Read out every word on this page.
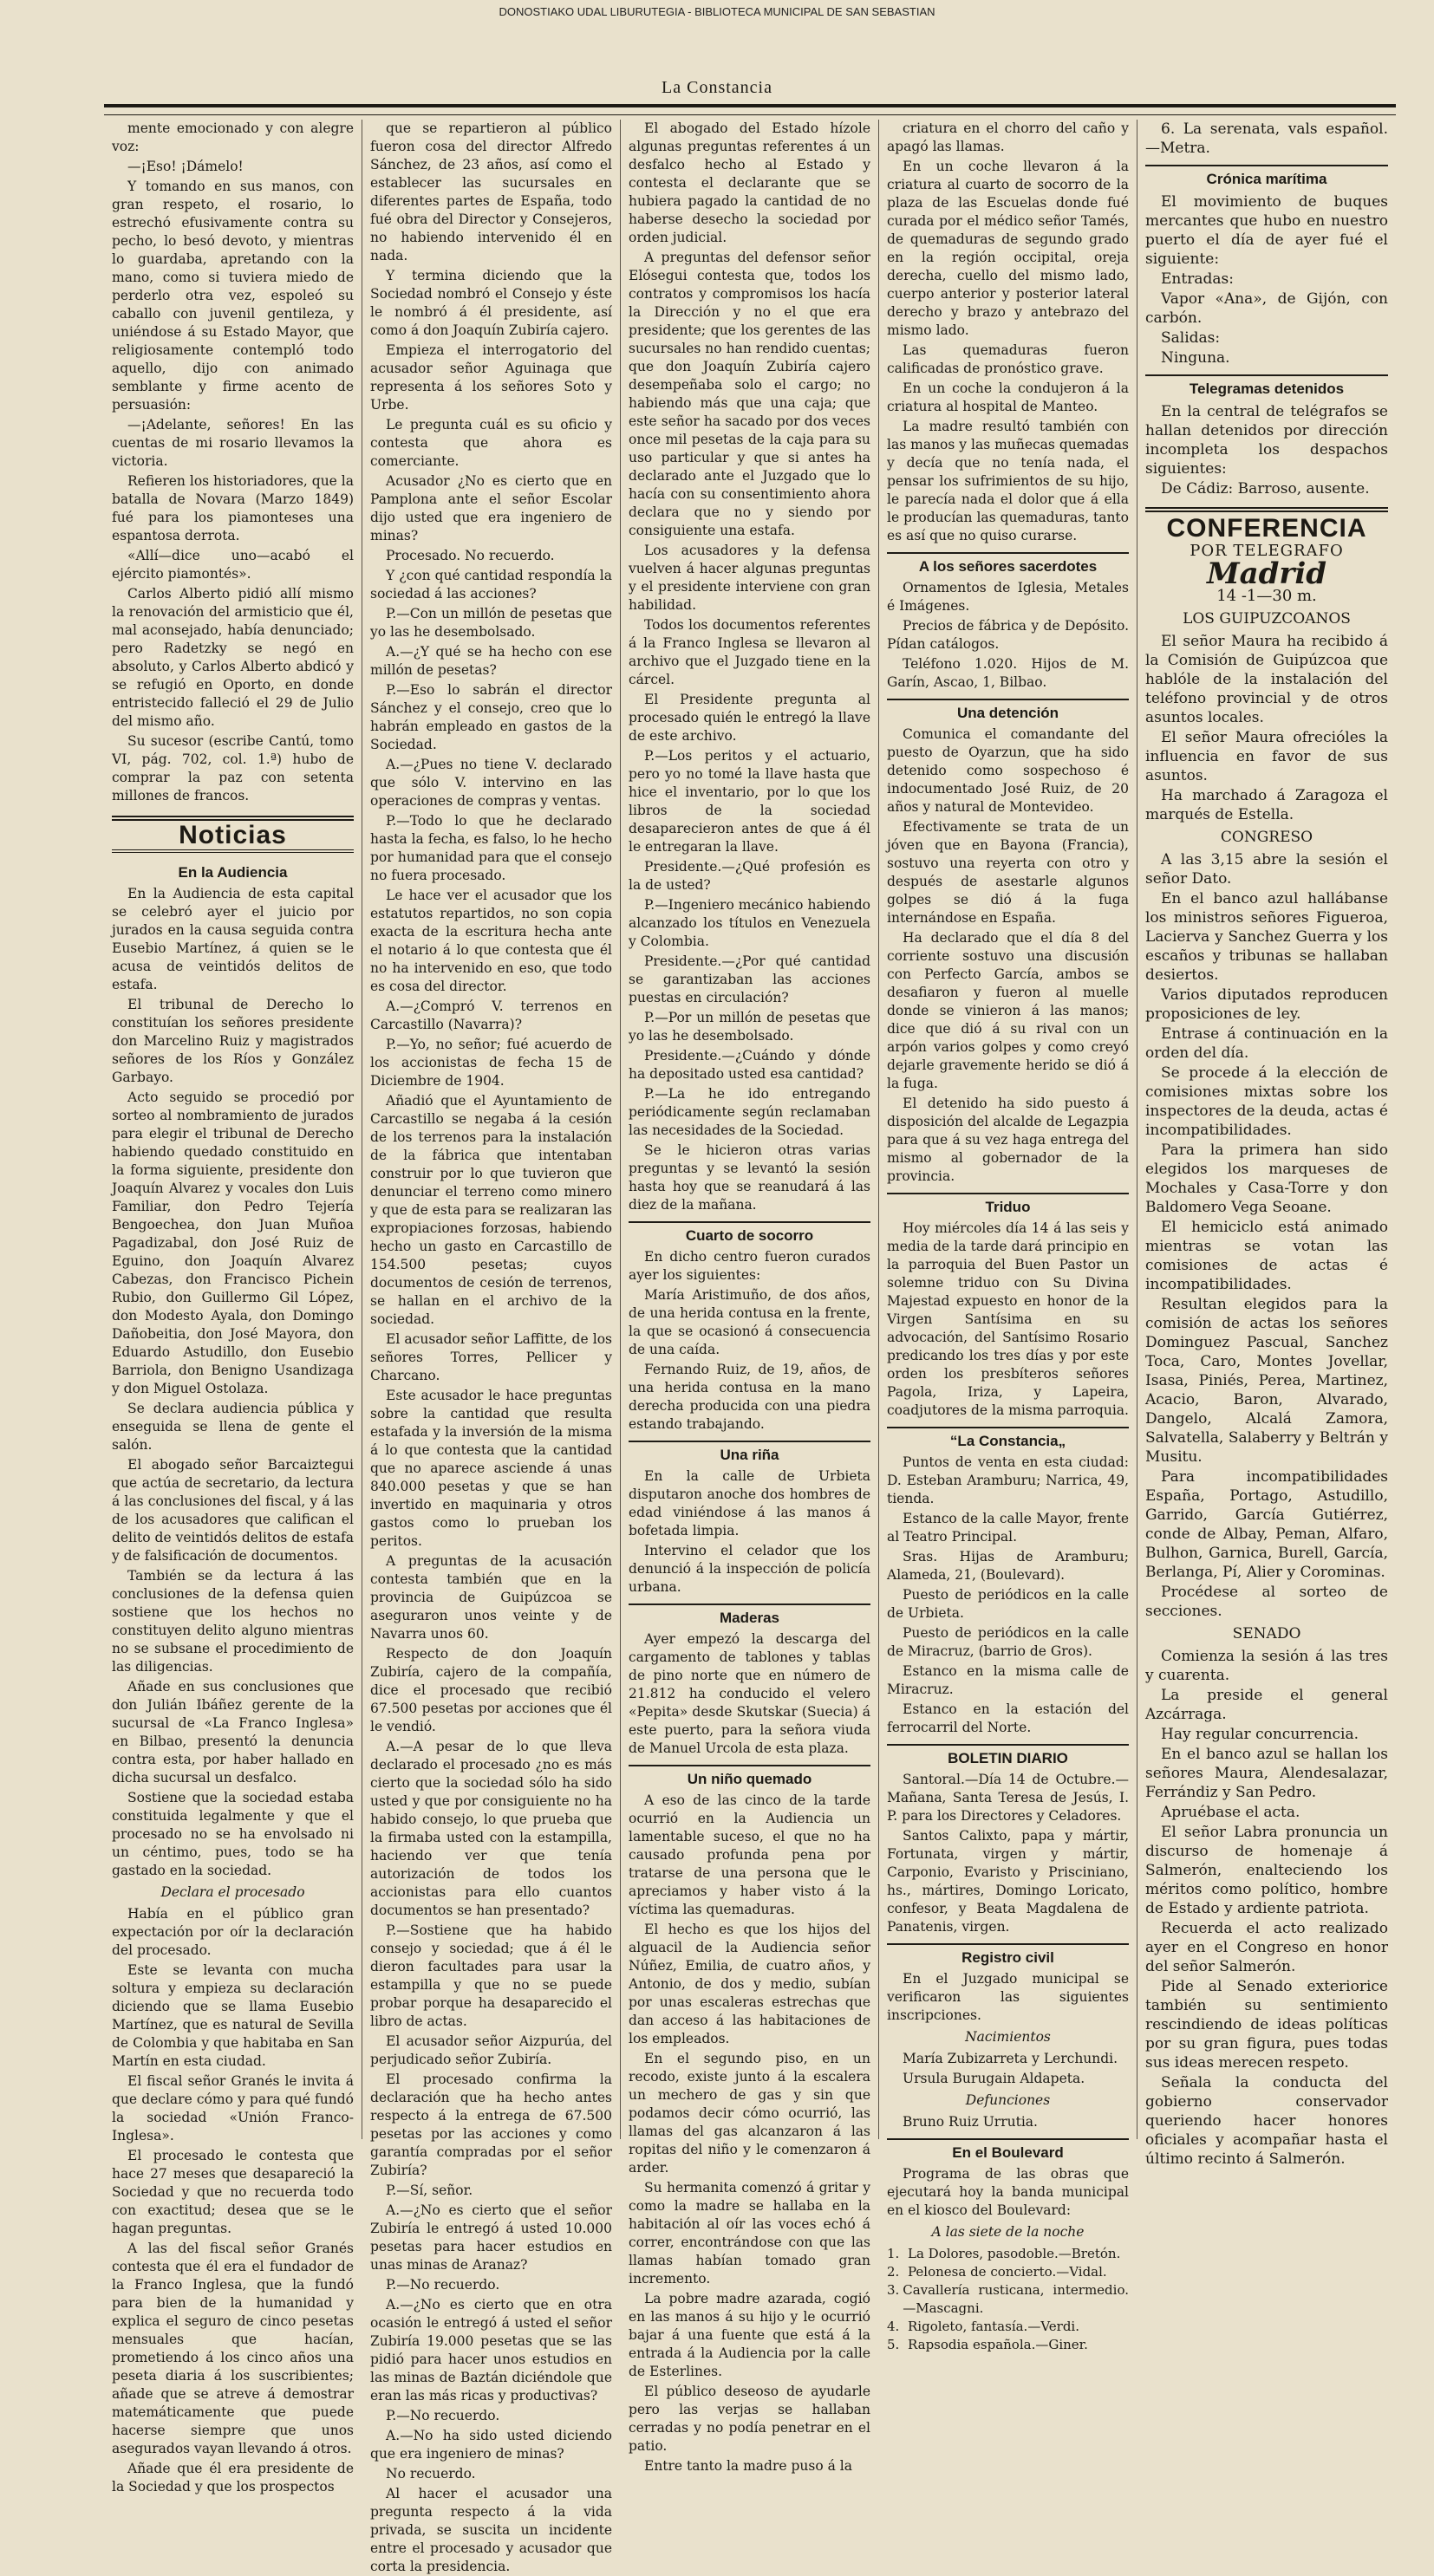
DONOSTIAKO UDAL LIBURUTEGIA - BIBLIOTECA MUNICIPAL DE SAN SEBASTIAN
La Constancia

mente emocionado y con alegre voz:

—¡Eso! ¡Dámelo!

Y tomando en sus manos, con gran respeto, el rosario, lo estrechó efusivamente contra su pecho, lo besó devoto, y mientras lo guardaba, apretando con la mano, como si tuviera miedo de perderlo otra vez, espoleó su caballo con juvenil gentileza, y uniéndose á su Estado Mayor, que religiosamente contempló todo aquello, dijo con animado semblante y firme acento de persuasión:

—¡Adelante, señores! En las cuentas de mi rosario llevamos la victoria.

Refieren los historiadores, que la batalla de Novara (Marzo 1849) fué para los piamonteses una espantosa derrota.

«Allí—dice uno—acabó el ejército piamontés».

Carlos Alberto pidió allí mismo la renovación del armisticio que él, mal aconsejado, había denunciado; pero Radetzky se negó en absoluto, y Carlos Alberto abdicó y se refugió en Oporto, en donde entristecido falleció el 29 de Julio del mismo año.

Su sucesor (escribe Cantú, tomo VI, pág. 702, col. 1.ª) hubo de comprar la paz con setenta millones de francos.

Noticias
En la Audiencia

En la Audiencia de esta capital se celebró ayer el juicio por jurados en la causa seguida contra Eusebio Martínez, á quien se le acusa de veintidós delitos de estafa.

El tribunal de Derecho lo constituían los señores presidente don Marcelino Ruiz y magistrados señores de los Ríos y González Garbayo.

Acto seguido se procedió por sorteo al nombramiento de jurados para elegir el tribunal de Derecho habiendo quedado constituido en la forma siguiente, presidente don Joaquín Alvarez y vocales don Luis Familiar, don Pedro Tejería Bengoechea, don Juan Muñoa Pagadizabal, don José Ruiz de Eguino, don Joaquín Alvarez Cabezas, don Francisco Pichein Rubio, don Guillermo Gil López, don Modesto Ayala, don Domingo Dañobeitia, don José Mayora, don Eduardo Astudillo, don Eusebio Barriola, don Benigno Usandizaga y don Miguel Ostolaza.

Se declara audiencia pública y enseguida se llena de gente el salón.

El abogado señor Barcaiztegui que actúa de secretario, da lectura á las conclusiones del fiscal, y á las de los acusadores que califican el delito de veintidós delitos de estafa y de falsificación de documentos.

También se da lectura á las conclusiones de la defensa quien sostiene que los hechos no constituyen delito alguno mientras no se subsane el procedimiento de las diligencias.

Añade en sus conclusiones que don Julián Ibáñez gerente de la sucursal de «La Franco Inglesa» en Bilbao, presentó la denuncia contra esta, por haber hallado en dicha sucursal un desfalco.

Sostiene que la sociedad estaba constituida legalmente y que el procesado no se ha envolsado ni un céntimo, pues, todo se ha gastado en la sociedad.

Declara el procesado

Había en el público gran expectación por oír la declaración del procesado.

Este se levanta con mucha soltura y empieza su declaración diciendo que se llama Eusebio Martínez, que es natural de Sevilla de Colombia y que habitaba en San Martín en esta ciudad.

El fiscal señor Granés le invita á que declare cómo y para qué fundó la sociedad «Unión Franco-Inglesa».

El procesado le contesta que hace 27 meses que desapareció la Sociedad y que no recuerda todo con exactitud; desea que se le hagan preguntas.

A las del fiscal señor Granés contesta que él era el fundador de la Franco Inglesa, que la fundó para bien de la humanidad y explica el seguro de cinco pesetas mensuales que hacían, prometiendo á los cinco años una peseta diaria á los suscribientes; añade que se atreve á demostrar matemáticamente que puede hacerse siempre que unos asegurados vayan llevando á otros.

Añade que él era presidente de la Sociedad y que los prospectos

que se repartieron al público fueron cosa del director Alfredo Sánchez, de 23 años, así como el establecer las sucursales en diferentes partes de España, todo fué obra del Director y Consejeros, no habiendo intervenido él en nada.

Y termina diciendo que la Sociedad nombró el Consejo y éste le nombró á él presidente, así como á don Joaquín Zubiría cajero.

Empieza el interrogatorio del acusador señor Aguinaga que representa á los señores Soto y Urbe.

Le pregunta cuál es su oficio y contesta que ahora es comerciante.

Acusador ¿No es cierto que en Pamplona ante el señor Escolar dijo usted que era ingeniero de minas?

Procesado. No recuerdo.

Y ¿con qué cantidad respondía la sociedad á las acciones?

P.—Con un millón de pesetas que yo las he desembolsado.

A.—¿Y qué se ha hecho con ese millón de pesetas?

P.—Eso lo sabrán el director Sánchez y el consejo, creo que lo habrán empleado en gastos de la Sociedad.

A.—¿Pues no tiene V. declarado que sólo V. intervino en las operaciones de compras y ventas.

P.—Todo lo que he declarado hasta la fecha, es falso, lo he hecho por humanidad para que el consejo no fuera procesado.

Le hace ver el acusador que los estatutos repartidos, no son copia exacta de la escritura hecha ante el notario á lo que contesta que él no ha intervenido en eso, que todo es cosa del director.

A.—¿Compró V. terrenos en Carcastillo (Navarra)?

P.—Yo, no señor; fué acuerdo de los accionistas de fecha 15 de Diciembre de 1904.

Añadió que el Ayuntamiento de Carcastillo se negaba á la cesión de los terrenos para la instalación de la fábrica que intentaban construir por lo que tuvieron que denunciar el terreno como minero y que de esta para se realizaran las expropiaciones forzosas, habiendo hecho un gasto en Carcastillo de 154.500 pesetas; cuyos documentos de cesión de terrenos, se hallan en el archivo de la sociedad.

El acusador señor Laffitte, de los señores Torres, Pellicer y Charcano.

Este acusador le hace preguntas sobre la cantidad que resulta estafada y la inversión de la misma á lo que contesta que la cantidad que no aparece asciende á unas 840.000 pesetas y que se han invertido en maquinaria y otros gastos como lo prueban los peritos.

A preguntas de la acusación contesta también que en la provincia de Guipúzcoa se aseguraron unos veinte y de Navarra unos 60.

Respecto de don Joaquín Zubiría, cajero de la compañía, dice el procesado que recibió 67.500 pesetas por acciones que él le vendió.

A.—A pesar de lo que lleva declarado el procesado ¿no es más cierto que la sociedad sólo ha sido usted y que por consiguiente no ha habido consejo, lo que prueba que la firmaba usted con la estampilla, haciendo ver que tenía autorización de todos los accionistas para ello cuantos documentos se han presentado?

P.—Sostiene que ha habido consejo y sociedad; que á él le dieron facultades para usar la estampilla y que no se puede probar porque ha desaparecido el libro de actas.

El acusador señor Aizpurúa, del perjudicado señor Zubiría.

El procesado confirma la declaración que ha hecho antes respecto á la entrega de 67.500 pesetas por las acciones y como garantía compradas por el señor Zubiría?

P.—Sí, señor.

A.—¿No es cierto que el señor Zubiría le entregó á usted 10.000 pesetas para hacer estudios en unas minas de Aranaz?

P.—No recuerdo.

A.—¿No es cierto que en otra ocasión le entregó á usted el señor Zubiría 19.000 pesetas que se las pidió para hacer unos estudios en las minas de Baztán diciéndole que eran las más ricas y productivas?

P.—No recuerdo.

A.—No ha sido usted diciendo que era ingeniero de minas?

No recuerdo.

Al hacer el acusador una pregunta respecto á la vida privada, se suscita un incidente entre el procesado y acusador que corta la presidencia.

El abogado del Estado hízole algunas preguntas referentes á un desfalco hecho al Estado y contesta el declarante que se hubiera pagado la cantidad de no haberse desecho la sociedad por orden judicial.

A preguntas del defensor señor Elósegui contesta que, todos los contratos y compromisos los hacía la Dirección y no el que era presidente; que los gerentes de las sucursales no han rendido cuentas; que don Joaquín Zubiría cajero desempeñaba solo el cargo; no habiendo más que una caja; que este señor ha sacado por dos veces once mil pesetas de la caja para su uso particular y que si antes ha declarado ante el Juzgado que lo hacía con su consentimiento ahora declara que no y siendo por consiguiente una estafa.

Los acusadores y la defensa vuelven á hacer algunas preguntas y el presidente interviene con gran habilidad.

Todos los documentos referentes á la Franco Inglesa se llevaron al archivo que el Juzgado tiene en la cárcel.

El Presidente pregunta al procesado quién le entregó la llave de este archivo.

P.—Los peritos y el actuario, pero yo no tomé la llave hasta que hice el inventario, por lo que los libros de la sociedad desaparecieron antes de que á él le entregaran la llave.

Presidente.—¿Qué profesión es la de usted?

P.—Ingeniero mecánico habiendo alcanzado los títulos en Venezuela y Colombia.

Presidente.—¿Por qué cantidad se garantizaban las acciones puestas en circulación?

P.—Por un millón de pesetas que yo las he desembolsado.

Presidente.—¿Cuándo y dónde ha depositado usted esa cantidad?

P.—La he ido entregando periódicamente según reclamaban las necesidades de la Sociedad.

Se le hicieron otras varias preguntas y se levantó la sesión hasta hoy que se reanudará á las diez de la mañana.

Cuarto de socorro

En dicho centro fueron curados ayer los siguientes:

María Aristimuño, de dos años, de una herida contusa en la frente, la que se ocasionó á consecuencia de una caída.

Fernando Ruiz, de 19, años, de una herida contusa en la mano derecha producida con una piedra estando trabajando.

Una riña

En la calle de Urbieta disputaron anoche dos hombres de edad viniéndose á las manos á bofetada limpia.

Intervino el celador que los denunció á la inspección de policía urbana.

Maderas

Ayer empezó la descarga del cargamento de tablones y tablas de pino norte que en número de 21.812 ha conducido el velero «Pepita» desde Skutskar (Suecia) á este puerto, para la señora viuda de Manuel Urcola de esta plaza.

Un niño quemado

A eso de las cinco de la tarde ocurrió en la Audiencia un lamentable suceso, el que no ha causado profunda pena por tratarse de una persona que le apreciamos y haber visto á la víctima las quemaduras.

El hecho es que los hijos del alguacil de la Audiencia señor Núñez, Emilia, de cuatro años, y Antonio, de dos y medio, subían por unas escaleras estrechas que dan acceso á las habitaciones de los empleados.

En el segundo piso, en un recodo, existe junto á la escalera un mechero de gas y sin que podamos decir cómo ocurrió, las llamas del gas alcanzaron á las ropitas del niño y le comenzaron á arder.

Su hermanita comenzó á gritar y como la madre se hallaba en la habitación al oír las voces echó á correr, encontrándose con que las llamas habían tomado gran incremento.

La pobre madre azarada, cogió en las manos á su hijo y le ocurrió bajar á una fuente que está á la entrada á la Audiencia por la calle de Esterlines.

El público deseoso de ayudarle pero las verjas se hallaban cerradas y no podía penetrar en el patio.

Entre tanto la madre puso á la

criatura en el chorro del caño y apagó las llamas.

En un coche llevaron á la criatura al cuarto de socorro de la plaza de las Escuelas donde fué curada por el médico señor Tamés, de quemaduras de segundo grado en la región occipital, oreja derecha, cuello del mismo lado, cuerpo anterior y posterior lateral derecho y brazo y antebrazo del mismo lado.

Las quemaduras fueron calificadas de pronóstico grave.

En un coche la condujeron á la criatura al hospital de Manteo.

La madre resultó también con las manos y las muñecas quemadas y decía que no tenía nada, el pensar los sufrimientos de su hijo, le parecía nada el dolor que á ella le producían las quemaduras, tanto es así que no quiso curarse.

A los señores sacerdotes

Ornamentos de Iglesia, Metales é Imágenes.

Precios de fábrica y de Depósito. Pídan catálogos.

Teléfono 1.020. Hijos de M. Garín, Ascao, 1, Bilbao.

Una detención

Comunica el comandante del puesto de Oyarzun, que ha sido detenido como sospechoso é indocumentado José Ruiz, de 20 años y natural de Montevideo.

Efectivamente se trata de un jóven que en Bayona (Francia), sostuvo una reyerta con otro y después de asestarle algunos golpes se dió á la fuga internándose en España.

Ha declarado que el día 8 del corriente sostuvo una discusión con Perfecto García, ambos se desafiaron y fueron al muelle donde se vinieron á las manos; dice que dió á su rival con un arpón varios golpes y como creyó dejarle gravemente herido se dió á la fuga.

El detenido ha sido puesto á disposición del alcalde de Legazpia para que á su vez haga entrega del mismo al gobernador de la provincia.

Triduo

Hoy miércoles día 14 á las seis y media de la tarde dará principio en la parroquia del Buen Pastor un solemne triduo con Su Divina Majestad expuesto en honor de la Virgen Santísima en su advocación, del Santísimo Rosario predicando los tres días y por este orden los presbíteros señores Pagola, Iriza, y Lapeira, coadjutores de la misma parroquia.

“La Constancia„

Puntos de venta en esta ciudad: D. Esteban Aramburu; Narrica, 49, tienda.

Estanco de la calle Mayor, frente al Teatro Principal.

Sras. Hijas de Aramburu; Alameda, 21, (Boulevard).

Puesto de periódicos en la calle de Urbieta.

Puesto de periódicos en la calle de Miracruz, (barrio de Gros).

Estanco en la misma calle de Miracruz.

Estanco en la estación del ferrocarril del Norte.

BOLETIN DIARIO

Santoral.—Día 14 de Octubre.—Mañana, Santa Teresa de Jesús, I. P. para los Directores y Celadores.

Santos Calixto, papa y mártir, Fortunata, virgen y mártir, Carponio, Evaristo y Prisciniano, hs., mártires, Domingo Loricato, confesor, y Beata Magdalena de Panatenis, virgen.

Registro civil

En el Juzgado municipal se verificaron las siguientes inscripciones.

Nacimientos

María Zubizarreta y Lerchundi.

Ursula Burugain Aldapeta.

Defunciones

Bruno Ruiz Urrutia.

En el Boulevard

Programa de las obras que ejecutará hoy la banda municipal en el kiosco del Boulevard:

A las siete de la noche
1. La Dolores, pasodoble.—Bretón.
2. Pelonesa de concierto.—Vidal.
3. Cavallería rusticana, intermedio.—Mascagni.
4. Rigoleto, fantasía.—Verdi.
5. Rapsodia española.—Giner.

6. La serenata, vals español.—Metra.

Crónica marítima

El movimiento de buques mercantes que hubo en nuestro puerto el día de ayer fué el siguiente:

Entradas:

Vapor «Ana», de Gijón, con carbón.

Salidas:

Ninguna.

Telegramas detenidos

En la central de telégrafos se hallan detenidos por dirección incompleta los despachos siguientes:

De Cádiz: Barroso, ausente.

CONFERENCIA
POR TELEGRAFO
Madrid
14 -1—30 m.
LOS GUIPUZCOANOS

El señor Maura ha recibido á la Comisión de Guipúzcoa que hablóle de la instalación del teléfono provincial y de otros asuntos locales.

El señor Maura ofrecióles la influencia en favor de sus asuntos.

Ha marchado á Zaragoza el marqués de Estella.

CONGRESO

A las 3,15 abre la sesión el señor Dato.

En el banco azul hallábanse los ministros señores Figueroa, Lacierva y Sanchez Guerra y los escaños y tribunas se hallaban desiertos.

Varios diputados reproducen proposiciones de ley.

Entrase á continuación en la orden del día.

Se procede á la elección de comisiones mixtas sobre los inspectores de la deuda, actas é incompatibilidades.

Para la primera han sido elegidos los marqueses de Mochales y Casa-Torre y don Baldomero Vega Seoane.

El hemiciclo está animado mientras se votan las comisiones de actas é incompatibilidades.

Resultan elegidos para la comisión de actas los señores Dominguez Pascual, Sanchez Toca, Caro, Montes Jovellar, Isasa, Piniés, Perea, Martinez, Acacio, Baron, Alvarado, Dangelo, Alcalá Zamora, Salvatella, Salaberry y Beltrán y Musitu.

Para incompatibilidades España, Portago, Astudillo, Garrido, García Gutiérrez, conde de Albay, Peman, Alfaro, Bulhon, Garnica, Burell, García, Berlanga, Pí, Alier y Corominas.

Procédese al sorteo de secciones.

SENADO

Comienza la sesión á las tres y cuarenta.

La preside el general Azcárraga.

Hay regular concurrencia.

En el banco azul se hallan los señores Maura, Alendesalazar, Ferrándiz y San Pedro.

Apruébase el acta.

El señor Labra pronuncia un discurso de homenaje á Salmerón, enalteciendo los méritos como político, hombre de Estado y ardiente patriota.

Recuerda el acto realizado ayer en el Congreso en honor del señor Salmerón.

Pide al Senado exteriorice también su sentimiento rescindiendo de ideas políticas por su gran figura, pues todas sus ideas merecen respeto.

Señala la conducta del gobierno conservador queriendo hacer honores oficiales y acompañar hasta el último recinto á Salmerón.
